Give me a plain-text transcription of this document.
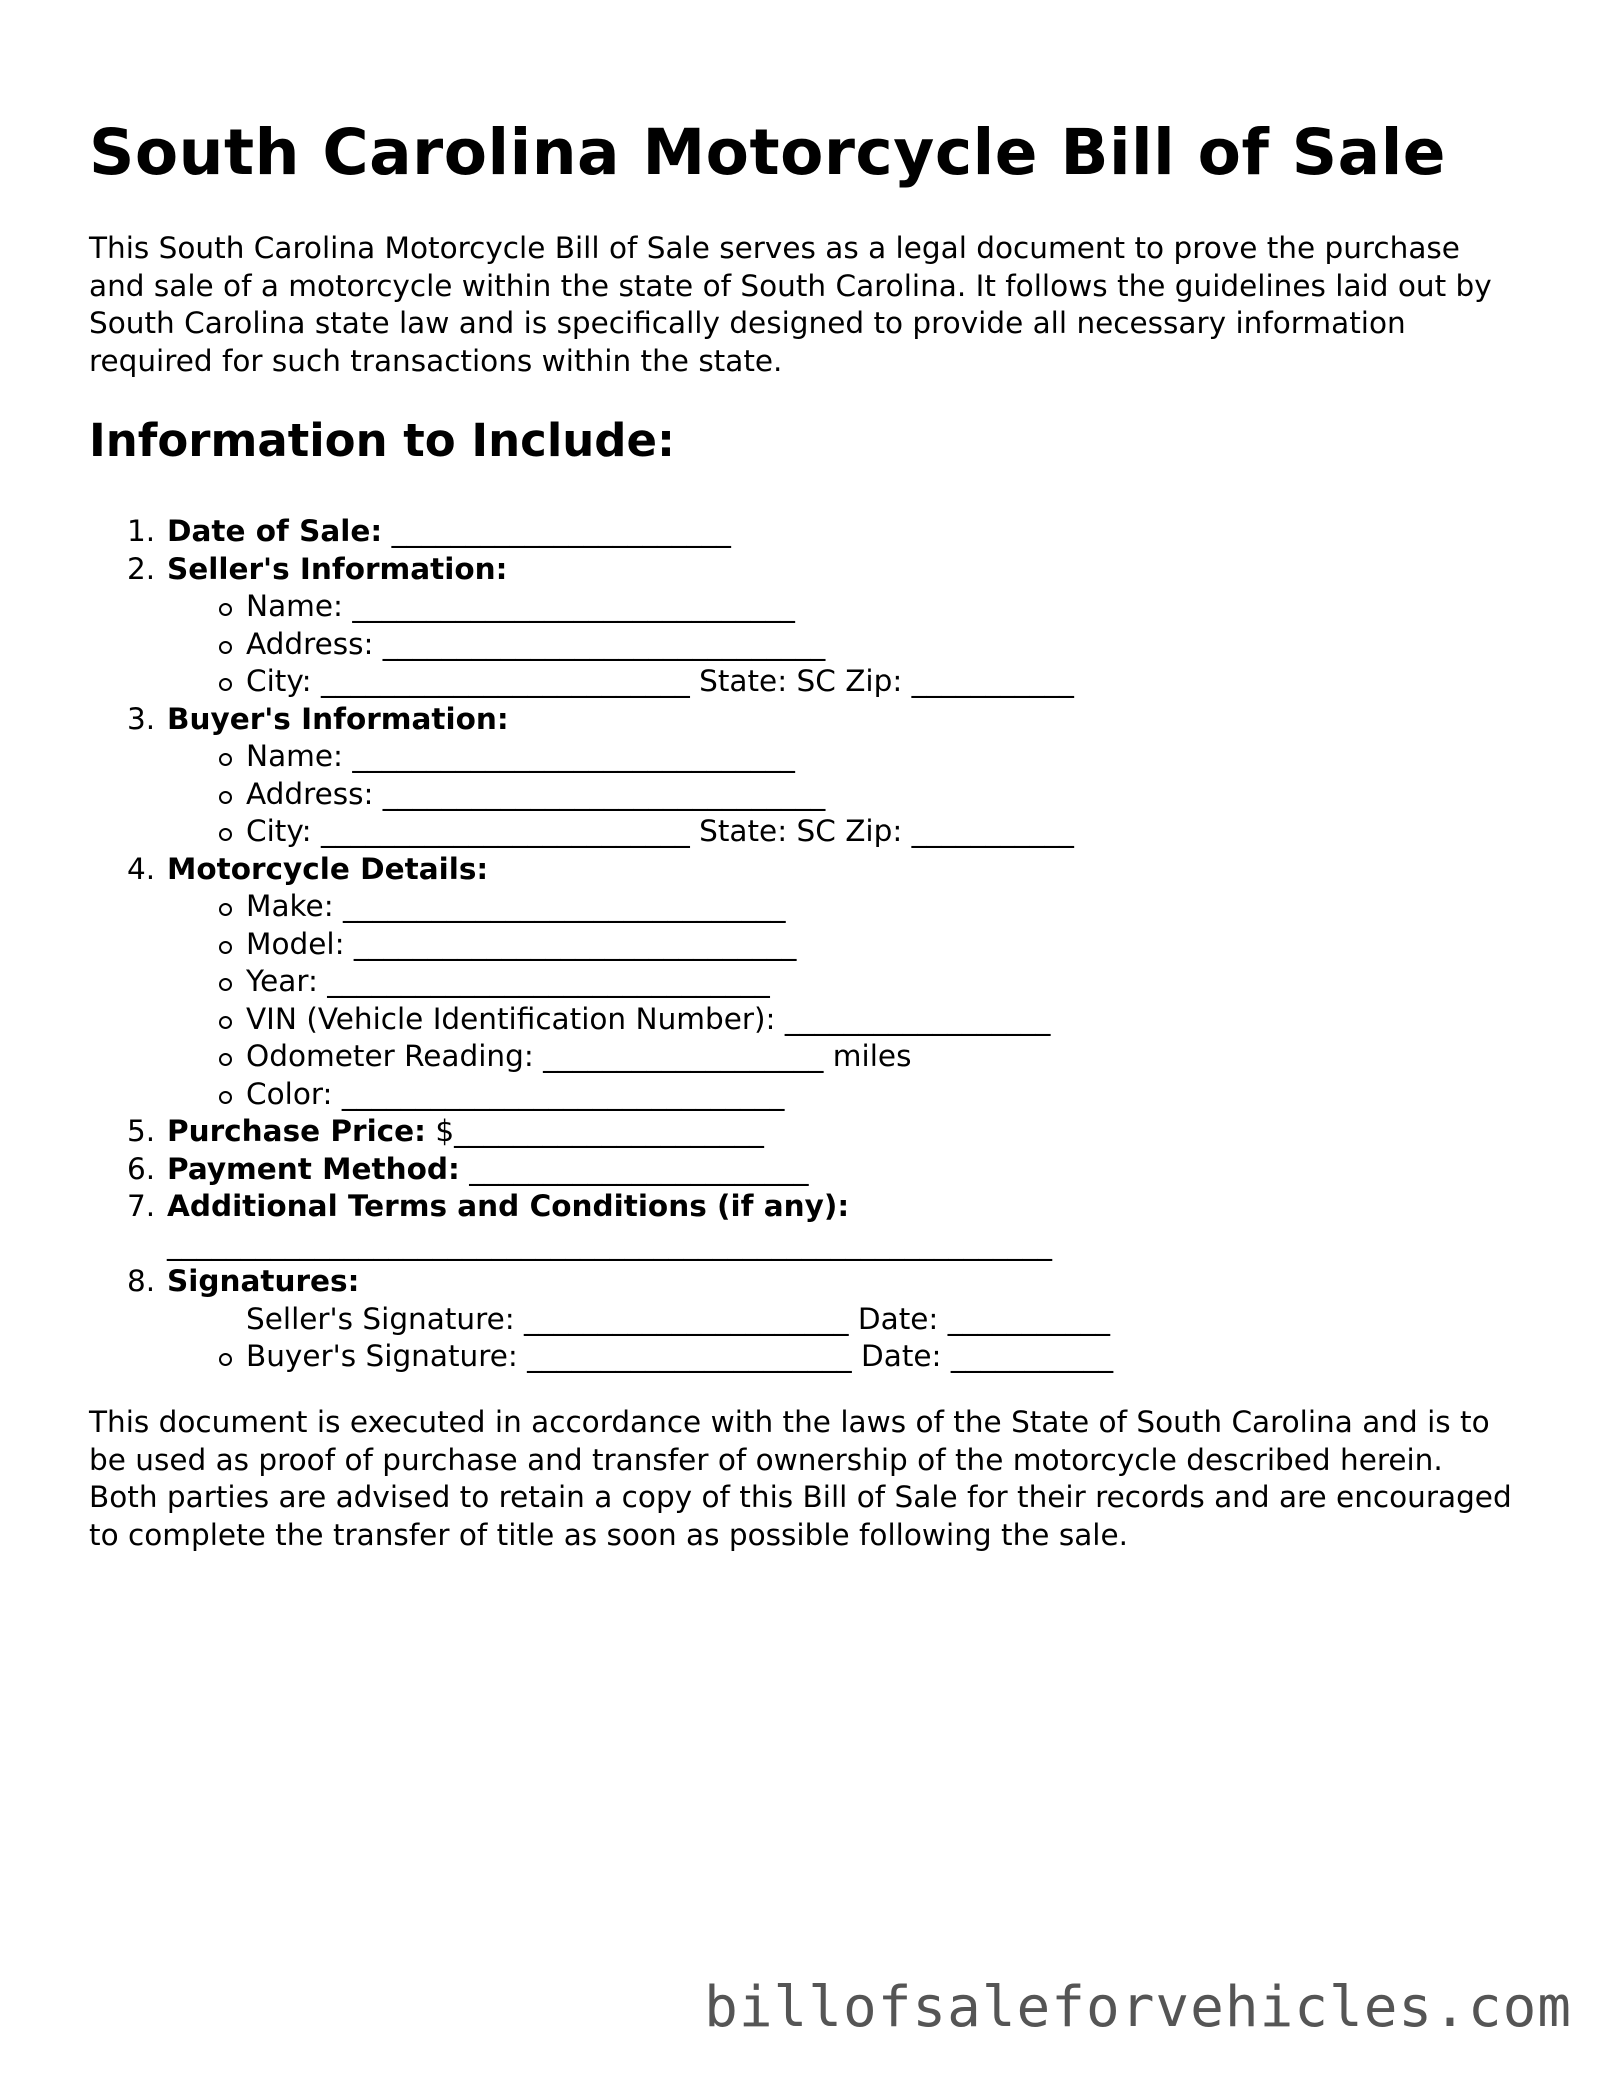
South Carolina Motorcycle Bill of Sale

This South Carolina Motorcycle Bill of Sale serves as a legal document to prove the purchase and sale of a motorcycle within the state of South Carolina. It follows the guidelines laid out by South Carolina state law and is specifically designed to provide all necessary information required for such transactions within the state.

Information to Include:
1. Date of Sale: _______________________
2. Seller's Information:
Name: ______________________________
Address: ______________________________
City: _________________________ State: SC Zip: ___________
3. Buyer's Information:
Name: ______________________________
Address: ______________________________
City: _________________________ State: SC Zip: ___________
4. Motorcycle Details:
Make: ______________________________
Model: ______________________________
Year: ______________________________
VIN (Vehicle Identification Number): __________________
Odometer Reading: ___________________ miles
Color: ______________________________
5. Purchase Price: $_____________________
6. Payment Method: _______________________
7. Additional Terms and Conditions (if any):
____________________________________________________________
8. Signatures:
Seller's Signature: ______________________ Date: ___________
Buyer's Signature: ______________________ Date: ___________

This document is executed in accordance with the laws of the State of South Carolina and is to be used as proof of purchase and transfer of ownership of the motorcycle described herein. Both parties are advised to retain a copy of this Bill of Sale for their records and are encouraged to complete the transfer of title as soon as possible following the sale.

billofsaleforvehicles.com
